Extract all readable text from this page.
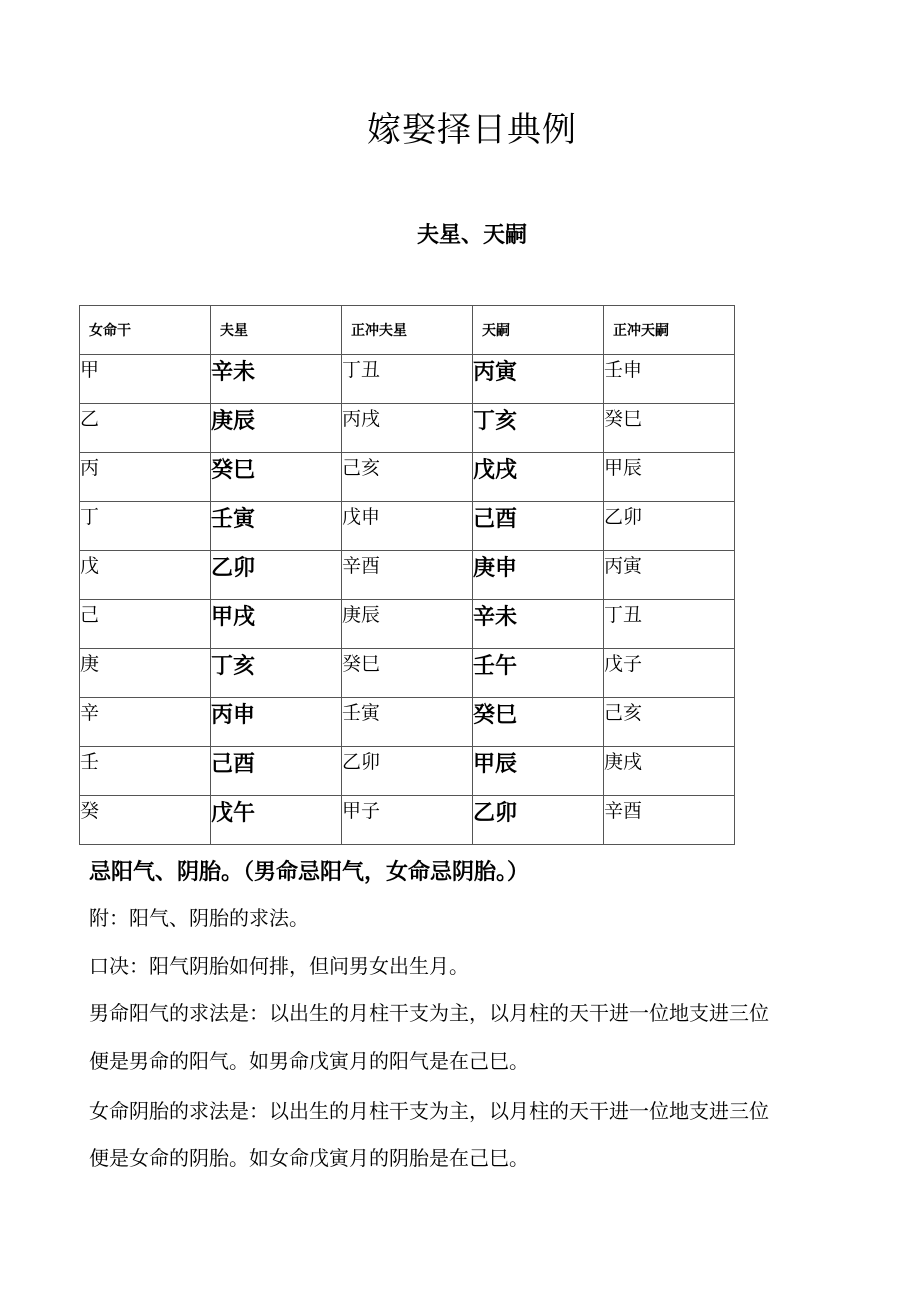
嫁娶择日典例
夫星、天嗣
女命干	夫星	正冲夫星	天嗣	正冲天嗣
甲	辛未	丁丑	丙寅	壬申
乙	庚辰	丙戌	丁亥	癸巳
丙	癸巳	己亥	戊戌	甲辰
丁	壬寅	戊申	己酉	乙卯
戊	乙卯	辛酉	庚申	丙寅
己	甲戌	庚辰	辛未	丁丑
庚	丁亥	癸巳	壬午	戊子
辛	丙申	壬寅	癸巳	己亥
壬	己酉	乙卯	甲辰	庚戌
癸	戊午	甲子	乙卯	辛酉
忌阳气、阴胎。（男命忌阳气，女命忌阴胎。）
附：阳气、阴胎的求法。
口决：阳气阴胎如何排，但问男女出生月。
男命阳气的求法是：以出生的月柱干支为主，以月柱的天干进一位地支进三位
便是男命的阳气。如男命戊寅月的阳气是在己巳。
女命阴胎的求法是：以出生的月柱干支为主，以月柱的天干进一位地支进三位
便是女命的阴胎。如女命戊寅月的阴胎是在己巳。
